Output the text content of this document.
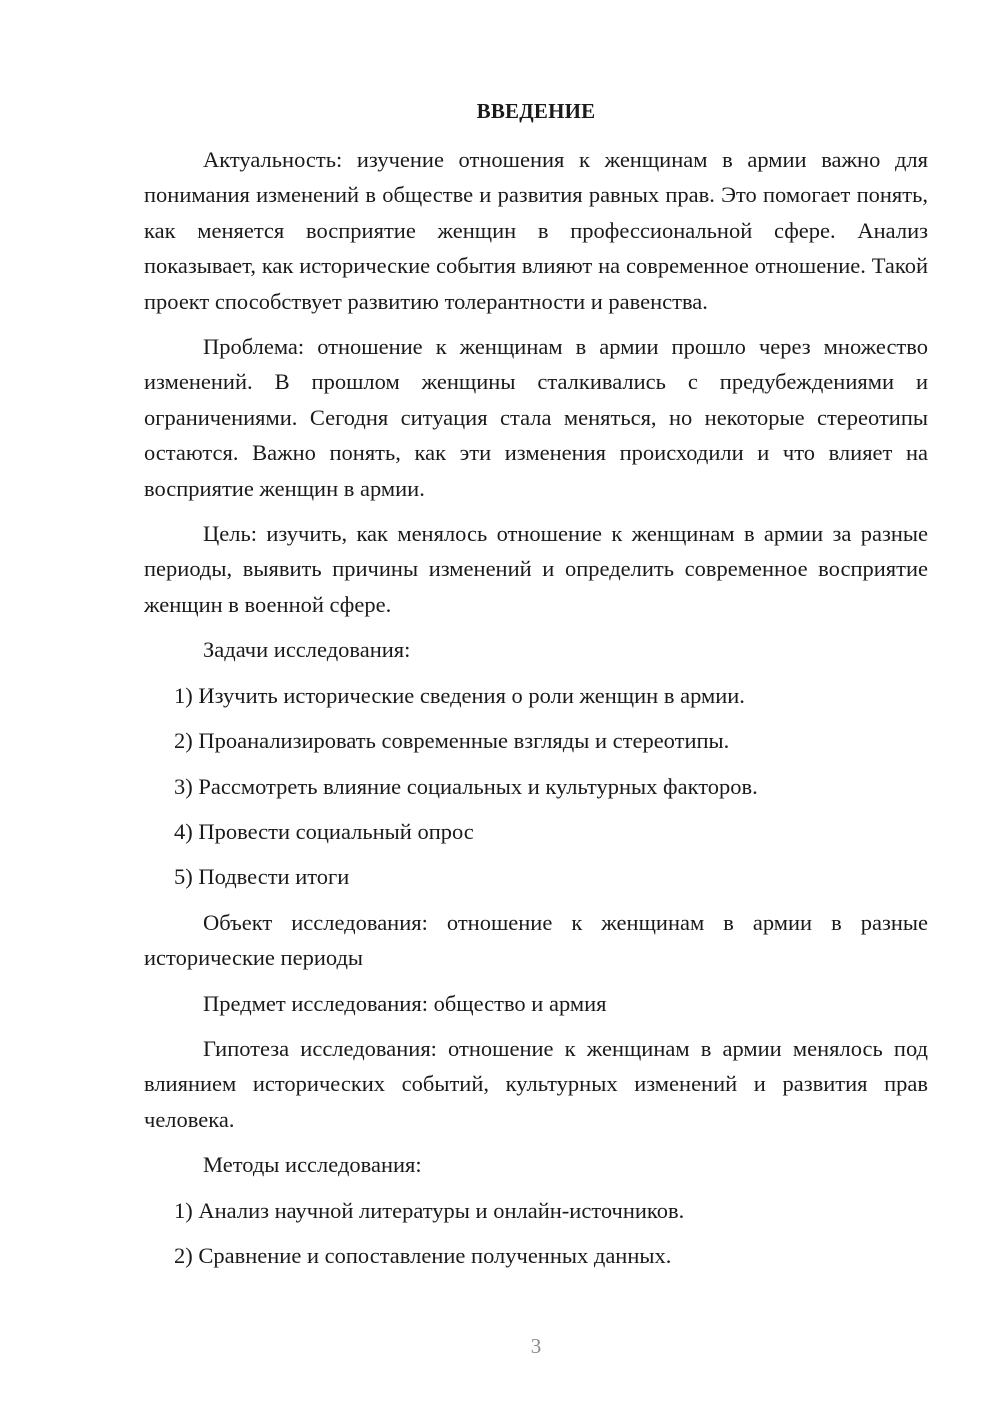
ВВЕДЕНИЕ

Актуальность: изучение отношения к женщинам в армии важно для понимания изменений в обществе и развития равных прав. Это помогает понять, как меняется восприятие женщин в профессиональной сфере. Анализ показывает, как исторические события влияют на современное отношение. Такой проект способствует развитию толерантности и равенства.

Проблема: отношение к женщинам в армии прошло через множество изменений. В прошлом женщины сталкивались с предубеждениями и ограничениями. Сегодня ситуация стала меняться, но некоторые стереотипы остаются. Важно понять, как эти изменения происходили и что влияет на восприятие женщин в армии.

Цель: изучить, как менялось отношение к женщинам в армии за разные периоды, выявить причины изменений и определить современное восприятие женщин в военной сфере.

Задачи исследования:

1) Изучить исторические сведения о роли женщин в армии.

2) Проанализировать современные взгляды и стереотипы.

3) Рассмотреть влияние социальных и культурных факторов.

4) Провести социальный опрос

5) Подвести итоги

Объект исследования: отношение к женщинам в армии в разные исторические периоды

Предмет исследования: общество и армия

Гипотеза исследования: отношение к женщинам в армии менялось под влиянием исторических событий, культурных изменений и развития прав человека.

Методы исследования:

1) Анализ научной литературы и онлайн-источников.

2) Сравнение и сопоставление полученных данных.

3
